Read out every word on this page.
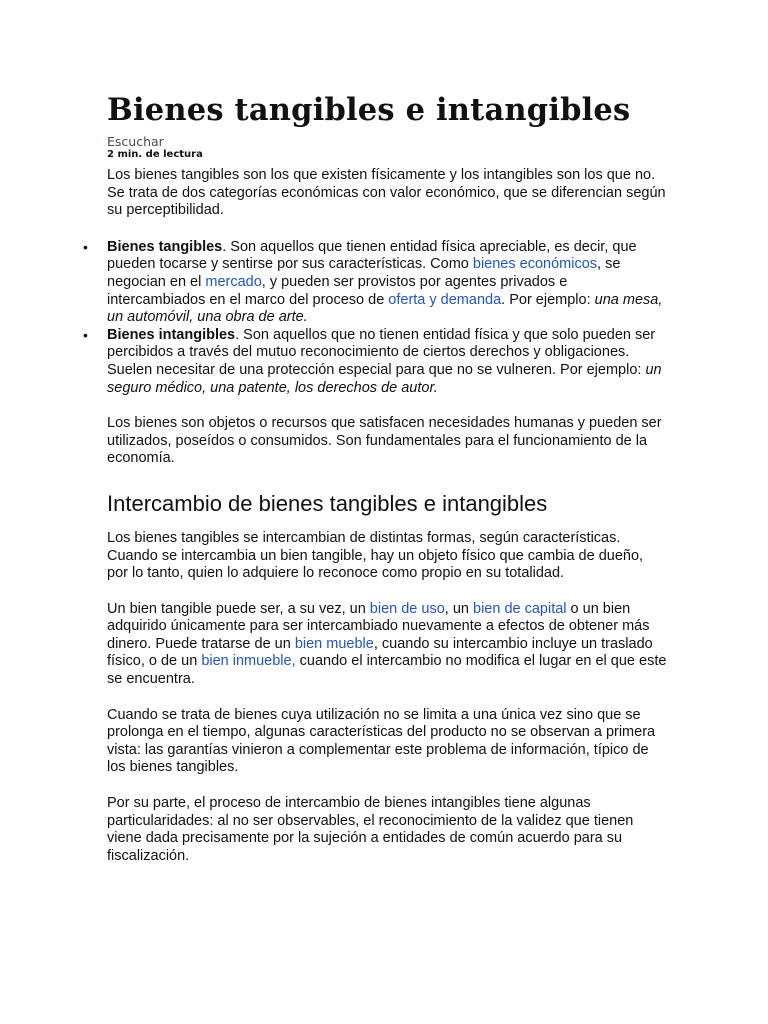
Bienes tangibles e intangibles
Escuchar
2 min. de lectura

Los bienes tangibles son los que existen físicamente y los intangibles son los que no. Se trata de dos categorías económicas con valor económico, que se diferencian según su perceptibilidad.

• Bienes tangibles. Son aquellos que tienen entidad física apreciable, es decir, que pueden tocarse y sentirse por sus características. Como bienes económicos, se negocian en el mercado, y pueden ser provistos por agentes privados e intercambiados en el marco del proceso de oferta y demanda. Por ejemplo: una mesa, un automóvil, una obra de arte.
• Bienes intangibles. Son aquellos que no tienen entidad física y que solo pueden ser percibidos a través del mutuo reconocimiento de ciertos derechos y obligaciones. Suelen necesitar de una protección especial para que no se vulneren. Por ejemplo: un seguro médico, una patente, los derechos de autor.

Los bienes son objetos o recursos que satisfacen necesidades humanas y pueden ser utilizados, poseídos o consumidos. Son fundamentales para el funcionamiento de la economía.

Intercambio de bienes tangibles e intangibles

Los bienes tangibles se intercambian de distintas formas, según características. Cuando se intercambia un bien tangible, hay un objeto físico que cambia de dueño, por lo tanto, quien lo adquiere lo reconoce como propio en su totalidad.

Un bien tangible puede ser, a su vez, un bien de uso, un bien de capital o un bien adquirido únicamente para ser intercambiado nuevamente a efectos de obtener más dinero. Puede tratarse de un bien mueble, cuando su intercambio incluye un traslado físico, o de un bien inmueble, cuando el intercambio no modifica el lugar en el que este se encuentra.

Cuando se trata de bienes cuya utilización no se limita a una única vez sino que se prolonga en el tiempo, algunas características del producto no se observan a primera vista: las garantías vinieron a complementar este problema de información, típico de los bienes tangibles.

Por su parte, el proceso de intercambio de bienes intangibles tiene algunas particularidades: al no ser observables, el reconocimiento de la validez que tienen viene dada precisamente por la sujeción a entidades de común acuerdo para su fiscalización.
